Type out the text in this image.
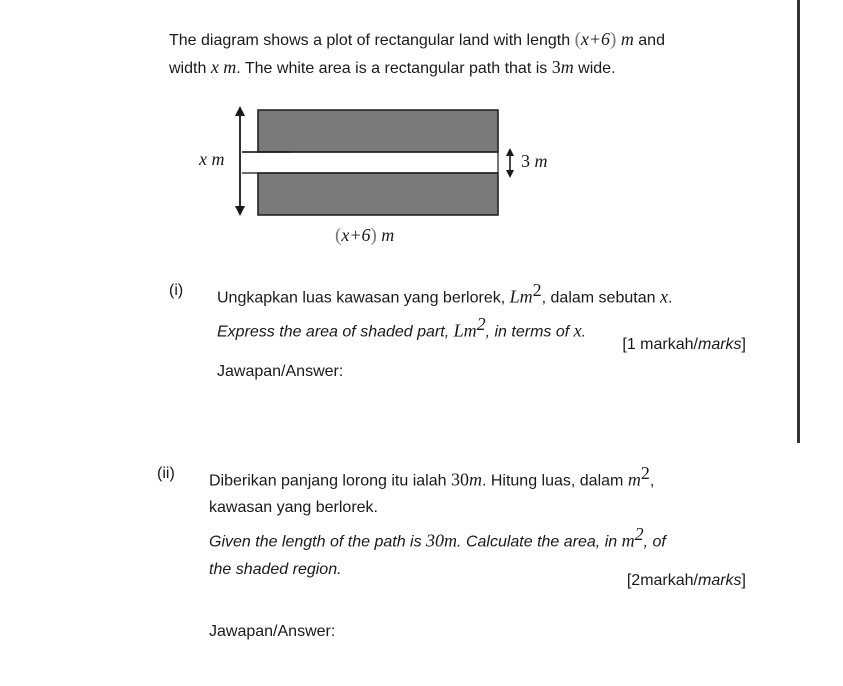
The diagram shows a plot of rectangular land with length (x+6) m and
width x m. The white area is a rectangular path that is 3m wide.
x m	3 m
(x+6) m
(i) Ungkapkan luas kawasan yang berlorek, Lm$^2$, dalam sebutan x.
Express the area of shaded part, Lm$^2$, in terms of x.
[1 markah/marks]
Jawapan/Answer:
(ii) Diberikan panjang lorong itu ialah 30m. Hitung luas, dalam $m^2$,
kawasan yang berlorek.
Given the length of the path is 30m. Calculate the area, in $m^2$, of
the shaded region.
[2markah/marks]
Jawapan/Answer:
